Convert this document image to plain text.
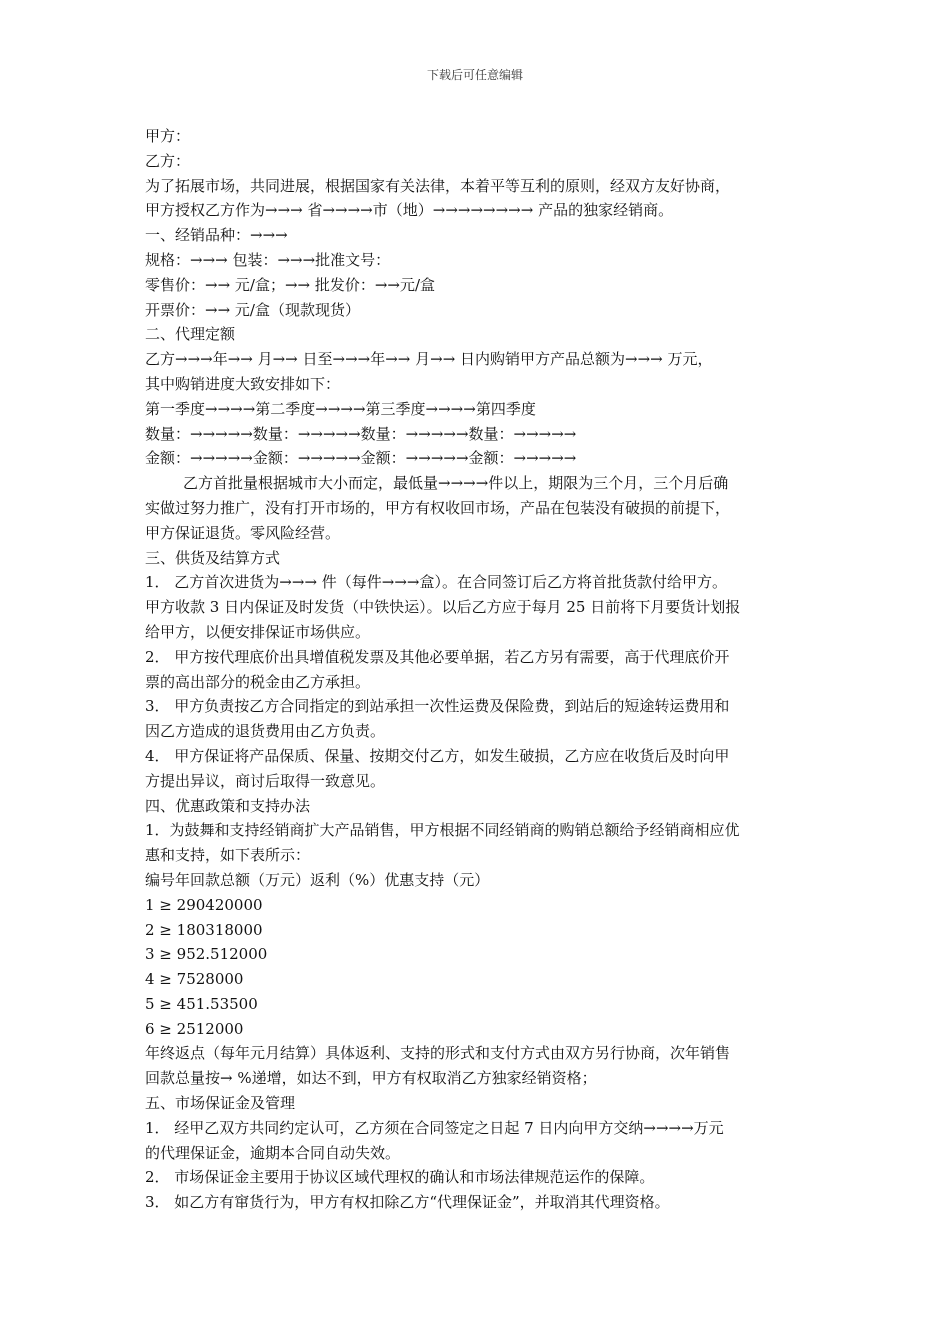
下载后可任意编辑
甲方：
乙方：
为了拓展市场，共同进展，根据国家有关法律，本着平等互利的原则，经双方友好协商，
甲方授权乙方作为→→→ 省→→→→市（地）→→→→→→→→ 产品的独家经销商。
一、经销品种：→→→
规格：→→→ 包装：→→→批准文号：
零售价：→→ 元/盒；→→ 批发价：→→元/盒
开票价：→→ 元/盒（现款现货）
二、代理定额
乙方→→→年→→ 月→→ 日至→→→年→→ 月→→ 日内购销甲方产品总额为→→→ 万元，
其中购销进度大致安排如下：
第一季度→→→→第二季度→→→→第三季度→→→→第四季度
数量：→→→→→数量：→→→→→数量：→→→→→数量：→→→→→
金额：→→→→→金额：→→→→→金额：→→→→→金额：→→→→→
乙方首批量根据城市大小而定，最低量→→→→件以上，期限为三个月，三个月后确
实做过努力推广，没有打开市场的，甲方有权收回市场，产品在包装没有破损的前提下，
甲方保证退货。零风险经营。
三、供货及结算方式
1． 乙方首次进货为→→→ 件（每件→→→盒）。在合同签订后乙方将首批货款付给甲方。
甲方收款 3 日内保证及时发货（中铁快运）。以后乙方应于每月 25 日前将下月要货计划报
给甲方，以便安排保证市场供应。
2． 甲方按代理底价出具增值税发票及其他必要单据，若乙方另有需要，高于代理底价开
票的高出部分的税金由乙方承担。
3． 甲方负责按乙方合同指定的到站承担一次性运费及保险费，到站后的短途转运费用和
因乙方造成的退货费用由乙方负责。
4． 甲方保证将产品保质、保量、按期交付乙方，如发生破损，乙方应在收货后及时向甲
方提出异议，商讨后取得一致意见。
四、优惠政策和支持办法
1．为鼓舞和支持经销商扩大产品销售，甲方根据不同经销商的购销总额给予经销商相应优
惠和支持，如下表所示：
编号年回款总额（万元）返利（%）优惠支持（元）
1 ≥ 290420000
2 ≥ 180318000
3 ≥ 952.512000
4 ≥ 7528000
5 ≥ 451.53500
6 ≥ 2512000
年终返点（每年元月结算）具体返利、支持的形式和支付方式由双方另行协商，次年销售
回款总量按→ %递增，如达不到，甲方有权取消乙方独家经销资格；
五、市场保证金及管理
1． 经甲乙双方共同约定认可，乙方须在合同签定之日起 7 日内向甲方交纳→→→→万元
的代理保证金，逾期本合同自动失效。
2． 市场保证金主要用于协议区域代理权的确认和市场法律规范运作的保障。
3． 如乙方有窜货行为，甲方有权扣除乙方“代理保证金”，并取消其代理资格。
